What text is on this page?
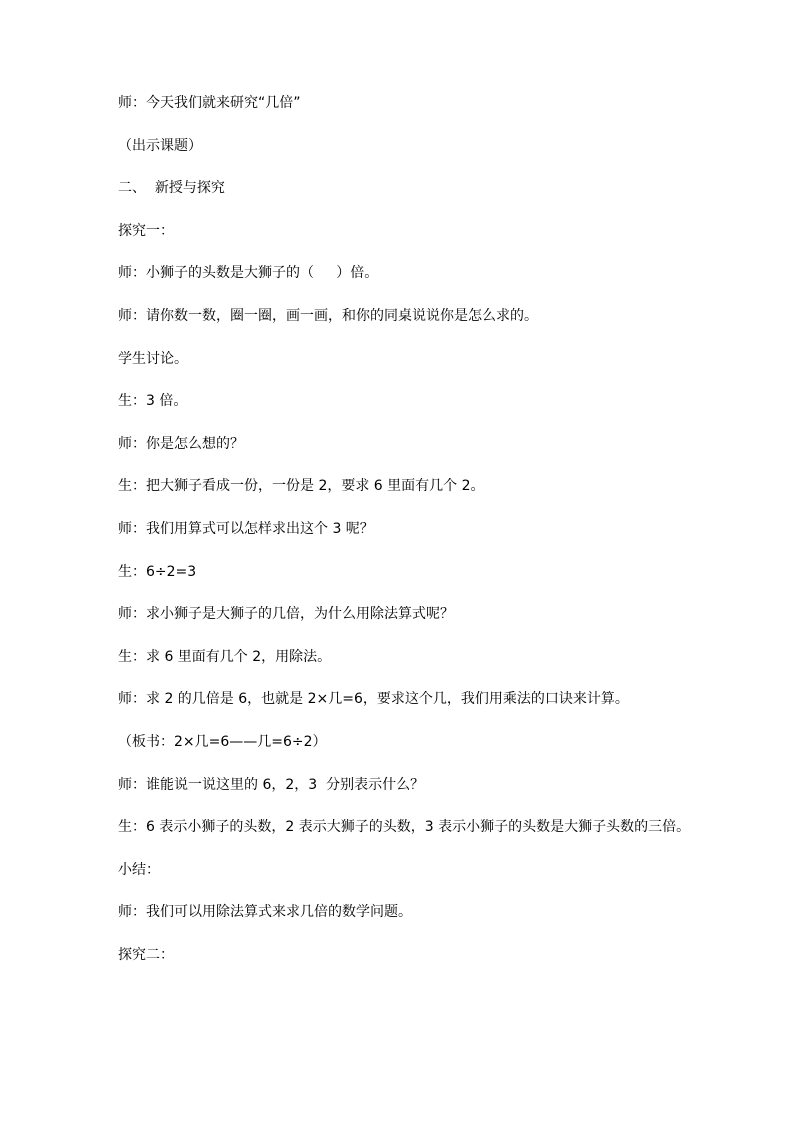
师：今天我们就来研究“几倍”

（出示课题）

二、  新授与探究

探究一：

师：小狮子的头数是大狮子的（     ）倍。

师：请你数一数，圈一圈，画一画，和你的同桌说说你是怎么求的。

学生讨论。

生：3 倍。

师：你是怎么想的？

生：把大狮子看成一份，一份是 2，要求 6 里面有几个 2。

师：我们用算式可以怎样求出这个 3 呢？

生：6÷2=3

师：求小狮子是大狮子的几倍，为什么用除法算式呢？

生：求 6 里面有几个 2，用除法。

师：求 2 的几倍是 6，也就是 2×几=6，要求这个几，我们用乘法的口诀来计算。

（板书：2×几=6——几=6÷2）

师：谁能说一说这里的 6，2，3  分别表示什么？

生：6 表示小狮子的头数，2 表示大狮子的头数，3 表示小狮子的头数是大狮子头数的三倍。

小结：

师：我们可以用除法算式来求几倍的数学问题。

探究二：
